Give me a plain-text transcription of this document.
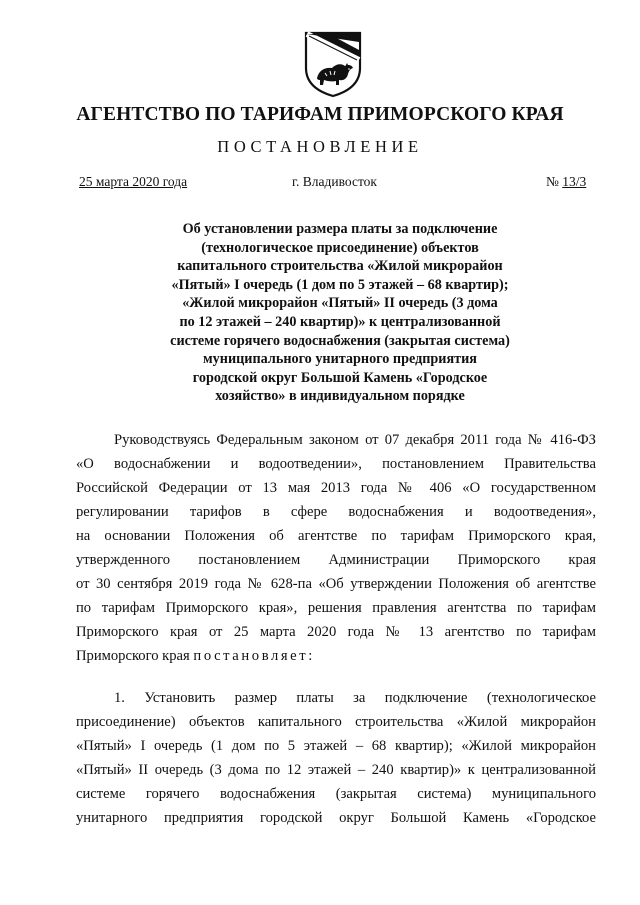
АГЕНТСТВО ПО ТАРИФАМ ПРИМОРСКОГО КРАЯ
ПОСТАНОВЛЕНИЕ
25 марта 2020 года	г. Владивосток	№ 13/3
Об установлении размера платы за подключение
(технологическое присоединение) объектов
капитального строительства «Жилой микрорайон
«Пятый» I очередь (1 дом по 5 этажей – 68 квартир);
«Жилой микрорайон «Пятый» II очередь (3 дома
по 12 этажей – 240 квартир)» к централизованной
системе горячего водоснабжения (закрытая система)
муниципального унитарного предприятия
городской округ Большой Камень «Городское
хозяйство» в индивидуальном порядке
Руководствуясь Федеральным законом от 07 декабря 2011 года № 416-ФЗ
«О водоснабжении и водоотведении», постановлением Правительства
Российской Федерации от 13 мая 2013 года № 406 «О государственном
регулировании тарифов в сфере водоснабжения и водоотведения»,
на основании Положения об агентстве по тарифам Приморского края,
утвержденного постановлением Администрации Приморского края
от 30 сентября 2019 года № 628-па «Об утверждении Положения об агентстве
по тарифам Приморского края», решения правления агентства по тарифам
Приморского края от 25 марта 2020 года № 13 агентство по тарифам
Приморского края постановляет:
1. Установить размер платы за подключение (технологическое
присоединение) объектов капитального строительства «Жилой микрорайон
«Пятый» I очередь (1 дом по 5 этажей – 68 квартир); «Жилой микрорайон
«Пятый» II очередь (3 дома по 12 этажей – 240 квартир)» к централизованной
системе горячего водоснабжения (закрытая система) муниципального
унитарного предприятия городской округ Большой Камень «Городское
